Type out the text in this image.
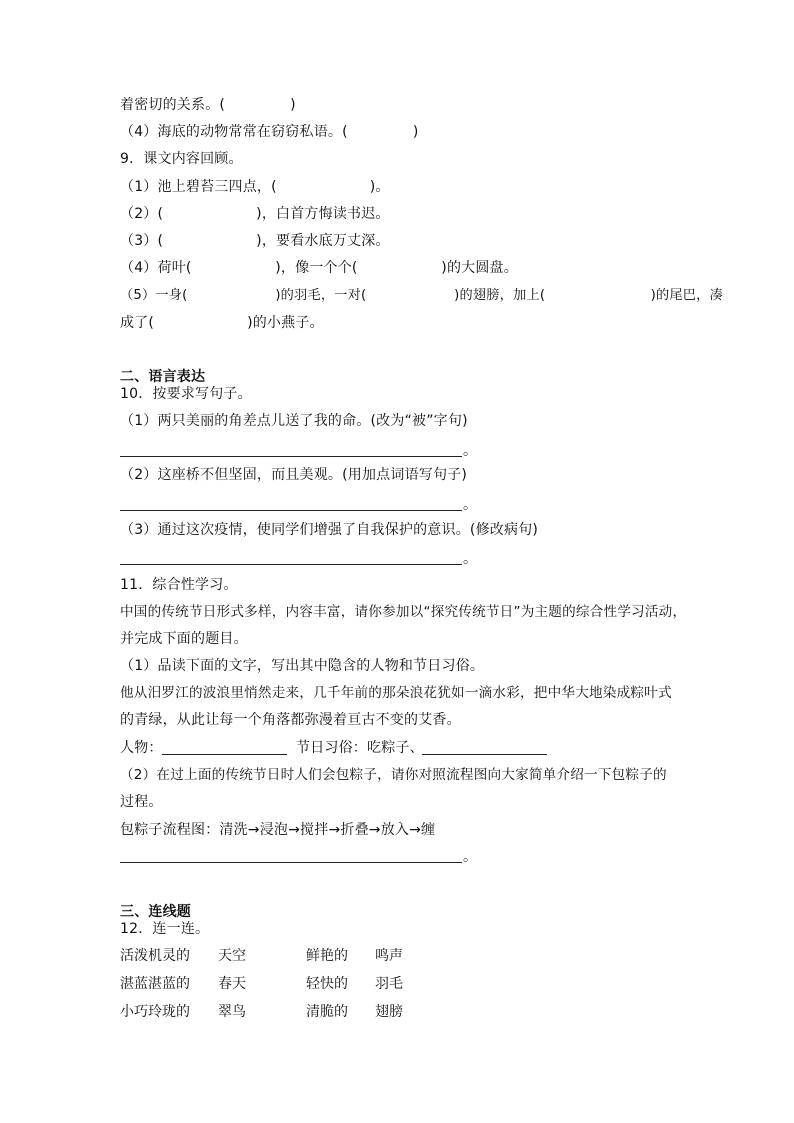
着密切的关系。(              )
（4）海底的动物常常在窃窃私语。(              )
9．课文内容回顾。
（1）池上碧苔三四点，(                    )。
（2）(                    )，白首方悔读书迟。
（3）(                    )，要看水底万丈深。
（4）荷叶(                  )，像一个个(                  )的大圆盘。
（5）一身(                    )的羽毛，一对(                    )的翅膀，加上(                        )的尾巴，凑
成了(                    )的小燕子。
二、语言表达
10．按要求写句子。
（1）两只美丽的角差点儿送了我的命。(改为“被”字句)
。
（2）这座桥不但坚固，而且美观。(用加点词语写句子)
。
（3）通过这次疫情，使同学们增强了自我保护的意识。(修改病句)
。
11．综合性学习。
中国的传统节日形式多样，内容丰富，请你参加以“探究传统节日”为主题的综合性学习活动，
并完成下面的题目。
（1）品读下面的文字，写出其中隐含的人物和节日习俗。
他从汨罗江的波浪里悄然走来，几千年前的那朵浪花犹如一滴水彩，把中华大地染成粽叶式
的青绿，从此让每一个角落都弥漫着亘古不变的艾香。
人物：	节日习俗：吃粽子、
（2）在过上面的传统节日时人们会包粽子，请你对照流程图向大家简单介绍一下包粽子的
过程。
包粽子流程图：清洗→浸泡→搅拌→折叠→放入→缠
。
三、连线题
12．连一连。
活泼机灵的 天空	鲜艳的 鸣声
湛蓝湛蓝的 春天	轻快的 羽毛
小巧玲珑的 翠鸟	清脆的 翅膀
